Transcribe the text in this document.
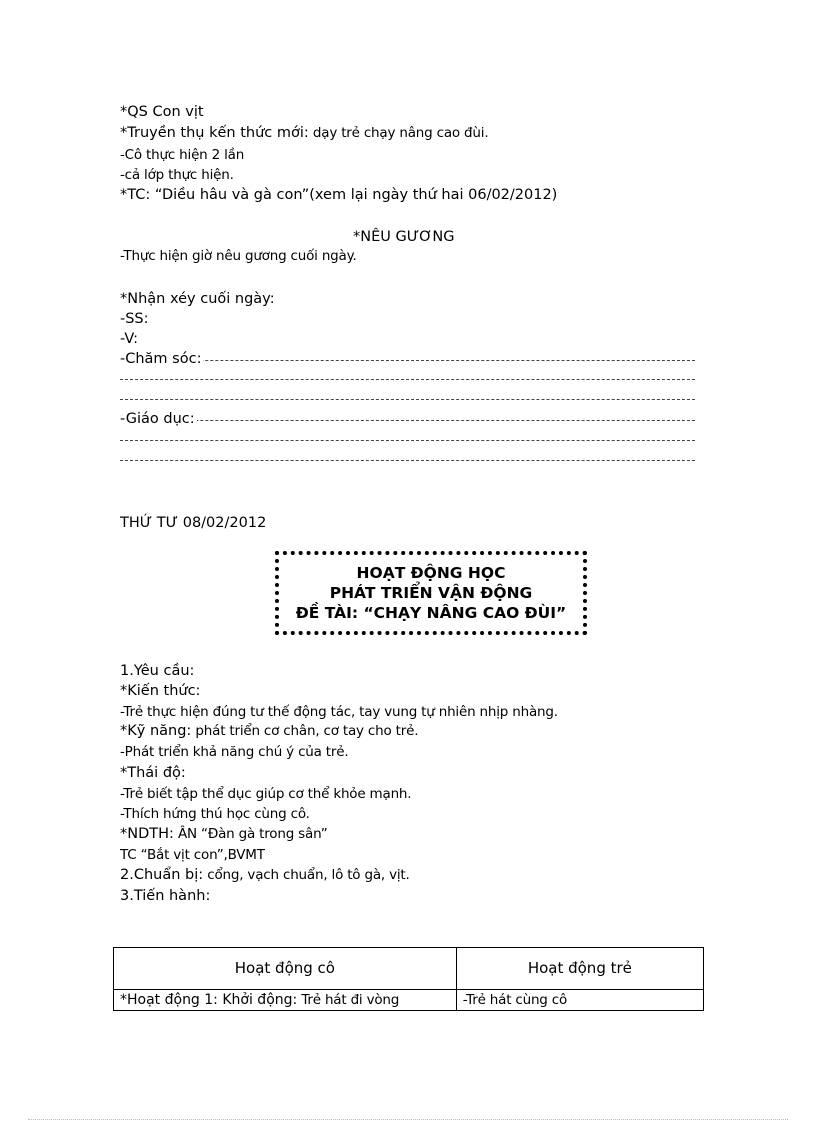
*QS Con vịt
*Truyền thụ kến thức mới: dạy trẻ chạy nâng cao đùi.
-Cô thực hiện 2 lần
-cả lớp thực hiện.
*TC: “Diều hâu và gà con”(xem lại ngày thứ hai 06/02/2012)
*NÊU GƯƠNG
-Thực hiện giờ nêu gương cuối ngày.
*Nhận xéy cuối ngày:
-SS:
-V:
-Chăm sóc:
-Giáo dục:
THỨ TƯ 08/02/2012
HOẠT ĐỘNG HỌC
PHÁT TRIỂN VẬN ĐỘNG
ĐỀ TÀI: “CHẠY NÂNG CAO ĐÙI”
1.Yêu cầu:
*Kiến thức:
-Trẻ thực hiện đúng tư thế động tác, tay vung tự nhiên nhịp nhàng.
*Kỹ năng: phát triển cơ chân, cơ tay cho trẻ.
-Phát triển khả năng chú ý của trẻ.
*Thái độ:
-Trẻ biết tập thể dục giúp cơ thể khỏe mạnh.
-Thích hứng thú học cùng cô.
*NDTH: ÂN “Đàn gà trong sân”
TC “Bắt vịt con”,BVMT
2.Chuẩn bị: cổng, vạch chuẩn, lô tô gà, vịt.
3.Tiến hành:
Hoạt động cô	Hoạt động trẻ
*Hoạt động 1: Khởi động: Trẻ hát đi vòng	-Trẻ hát cùng cô
